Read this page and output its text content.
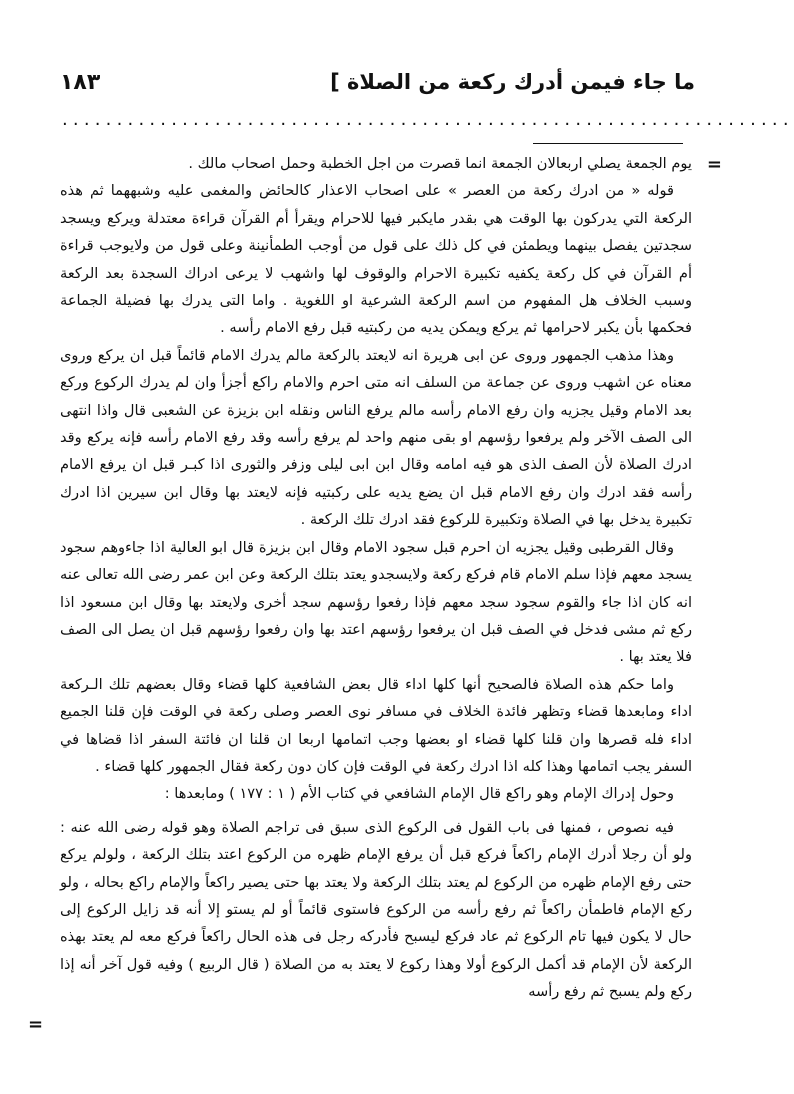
ما جاء فيمن أدرك ركعة من الصلاة ]
١٨٣
...................................................................
=

يوم الجمعة يصلي اربعالان الجمعة انما قصرت من اجل الخطبة وحمل اصحاب مالك .

قوله « من ادرك ركعة من العصر » على اصحاب الاعذار كالحائض والمغمى عليه وشبههما ثم هذه الركعة التي يدركون بها الوقت هي بقدر مايكبر فيها للاحرام ويقرأ أم القرآن قراءة معتدلة ويركع ويسجد سجدتين يفصل بينهما ويطمئن في كل ذلك على قول من أوجب الطمأنينة وعلى قول من ولايوجب قراءة أم القرآن في كل ركعة يكفيه تكبيرة الاحرام والوقوف لها واشهب لا يرعى ادراك السجدة بعد الركعة وسبب الخلاف هل المفهوم من اسم الركعة الشرعية او اللغوية . واما التى يدرك بها فضيلة الجماعة فحكمها بأن يكبر لاحرامها ثم يركع ويمكن يديه من ركبتيه قبل رفع الامام رأسه .

وهذا مذهب الجمهور وروى عن ابى هريرة انه لايعتد بالركعة مالم يدرك الامام قائماً قبل ان يركع وروى معناه عن اشهب وروى عن جماعة من السلف انه متى احرم والامام راكع أجزأ وان لم يدرك الركوع وركع بعد الامام وقيل يجزيه وان رفع الامام رأسه مالم يرفع الناس ونقله ابن بزيزة عن الشعبى قال واذا انتهى الى الصف الآخر ولم يرفعوا رؤسهم او بقى منهم واحد لم يرفع رأسه وقد رفع الامام رأسه فإنه يركع وقد ادرك الصلاة لأن الصف الذى هو فيه امامه وقال ابن ابى ليلى وزفر والثورى اذا كبـر قبل ان يرفع الامام رأسه فقد ادرك وان رفع الامام قبل ان يضع يديه على ركبتيه فإنه لايعتد بها وقال ابن سيرين اذا ادرك تكبيرة يدخل بها في الصلاة وتكبيرة للركوع فقد ادرك تلك الركعة .

وقال القرطبى وقيل يجزيه ان احرم قبل سجود الامام وقال ابن بزيزة قال ابو العالية اذا جاءوهم سجود يسجد معهم فإذا سلم الامام قام فركع ركعة ولايسجدو يعتد بتلك الركعة وعن ابن عمر رضى الله تعالى عنه انه كان اذا جاء والقوم سجود سجد معهم فإذا رفعوا رؤسهم سجد أخرى ولايعتد بها وقال ابن مسعود اذا ركع ثم مشى فدخل في الصف قبل ان يرفعوا رؤسهم اعتد بها وان رفعوا رؤسهم قبل ان يصل الى الصف فلا يعتد بها .

واما حكم هذه الصلاة فالصحيح أنها كلها اداء قال بعض الشافعية كلها قضاء وقال بعضهم تلك الـركعة اداء ومابعدها قضاء وتظهر فائدة الخلاف في مسافر نوى العصر وصلى ركعة في الوقت فإن قلنا الجميع اداء فله قصرها وان قلنا كلها قضاء او بعضها وجب اتمامها اربعا ان قلنا ان فائتة السفر اذا قضاها في السفر يجب اتمامها وهذا كله اذا ادرك ركعة في الوقت فإن كان دون ركعة فقال الجمهور كلها قضاء .

وحول إدراك الإمام وهو راكع قال الإمام الشافعي في كتاب الأم ( ١ : ١٧٧ ) ومابعدها :

فيه نصوص ، فمنها فى باب القول فى الركوع الذى سبق فى تراجم الصلاة وهو قوله رضى الله عنه : ولو أن رجلا أدرك الإمام راكعاً فركع قبل أن يرفع الإمام ظهره من الركوع اعتد بتلك الركعة ، ولولم يركع حتى رفع الإمام ظهره من الركوع لم يعتد بتلك الركعة ولا يعتد بها حتى يصير راكعاً والإمام راكع بحاله ، ولو ركع الإمام فاطمأن راكعاً ثم رفع رأسه من الركوع فاستوى قائماً أو لم يستو إلا أنه قد زايل الركوع إلى حال لا يكون فيها تام الركوع ثم عاد فركع ليسبح فأدركه رجل فى هذه الحال راكعاً فركع معه لم يعتد بهذه الركعة لأن الإمام قد أكمل الركوع أولا وهذا ركوع لا يعتد به من الصلاة ( قال الربيع ) وفيه قول آخر أنه إذا ركع ولم يسبح ثم رفع رأسه

=
